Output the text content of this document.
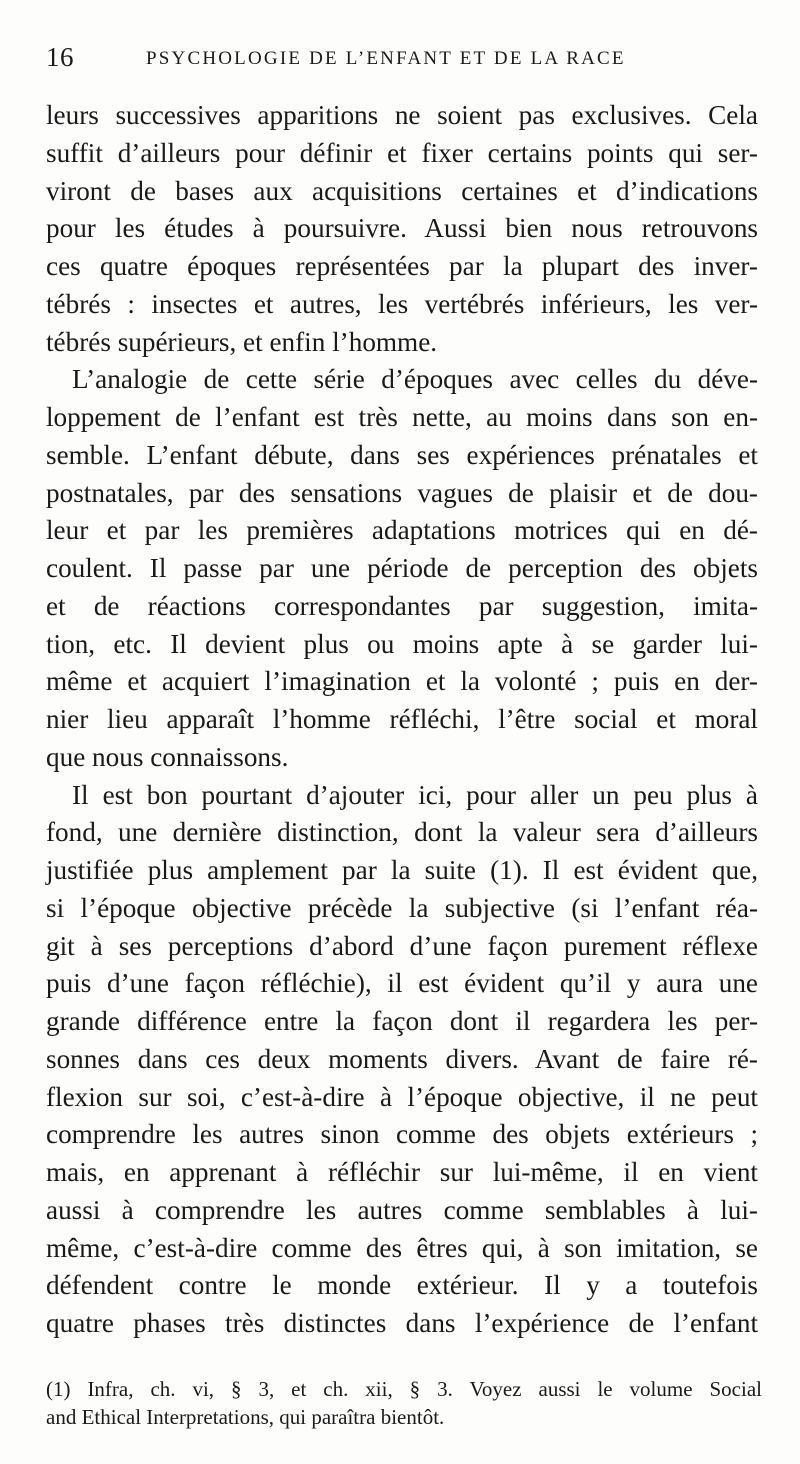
16	PSYCHOLOGIE DE L’ENFANT ET DE LA RACE
leurs successives apparitions ne soient pas exclusives. Cela
suffit d’ailleurs pour définir et fixer certains points qui ser-
viront de bases aux acquisitions certaines et d’indications
pour les études à poursuivre. Aussi bien nous retrouvons
ces quatre époques représentées par la plupart des inver-
tébrés : insectes et autres, les vertébrés inférieurs, les ver-
tébrés supérieurs, et enfin l’homme.
L’analogie de cette série d’époques avec celles du déve-
loppement de l’enfant est très nette, au moins dans son en-
semble. L’enfant débute, dans ses expériences prénatales et
postnatales, par des sensations vagues de plaisir et de dou-
leur et par les premières adaptations motrices qui en dé-
coulent. Il passe par une période de perception des objets
et de réactions correspondantes par suggestion, imita-
tion, etc. Il devient plus ou moins apte à se garder lui-
même et acquiert l’imagination et la volonté ; puis en der-
nier lieu apparaît l’homme réfléchi, l’être social et moral
que nous connaissons.
Il est bon pourtant d’ajouter ici, pour aller un peu plus à
fond, une dernière distinction, dont la valeur sera d’ailleurs
justifiée plus amplement par la suite (1). Il est évident que,
si l’époque objective précède la subjective (si l’enfant réa-
git à ses perceptions d’abord d’une façon purement réflexe
puis d’une façon réfléchie), il est évident qu’il y aura une
grande différence entre la façon dont il regardera les per-
sonnes dans ces deux moments divers. Avant de faire ré-
flexion sur soi, c’est-à-dire à l’époque objective, il ne peut
comprendre les autres sinon comme des objets extérieurs ;
mais, en apprenant à réfléchir sur lui-même, il en vient
aussi à comprendre les autres comme semblables à lui-
même, c’est-à-dire comme des êtres qui, à son imitation, se
défendent contre le monde extérieur. Il y a toutefois
quatre phases très distinctes dans l’expérience de l’enfant
(1) Infra, ch. vi, § 3, et ch. xii, § 3. Voyez aussi le volume Social
and Ethical Interpretations, qui paraîtra bientôt.
